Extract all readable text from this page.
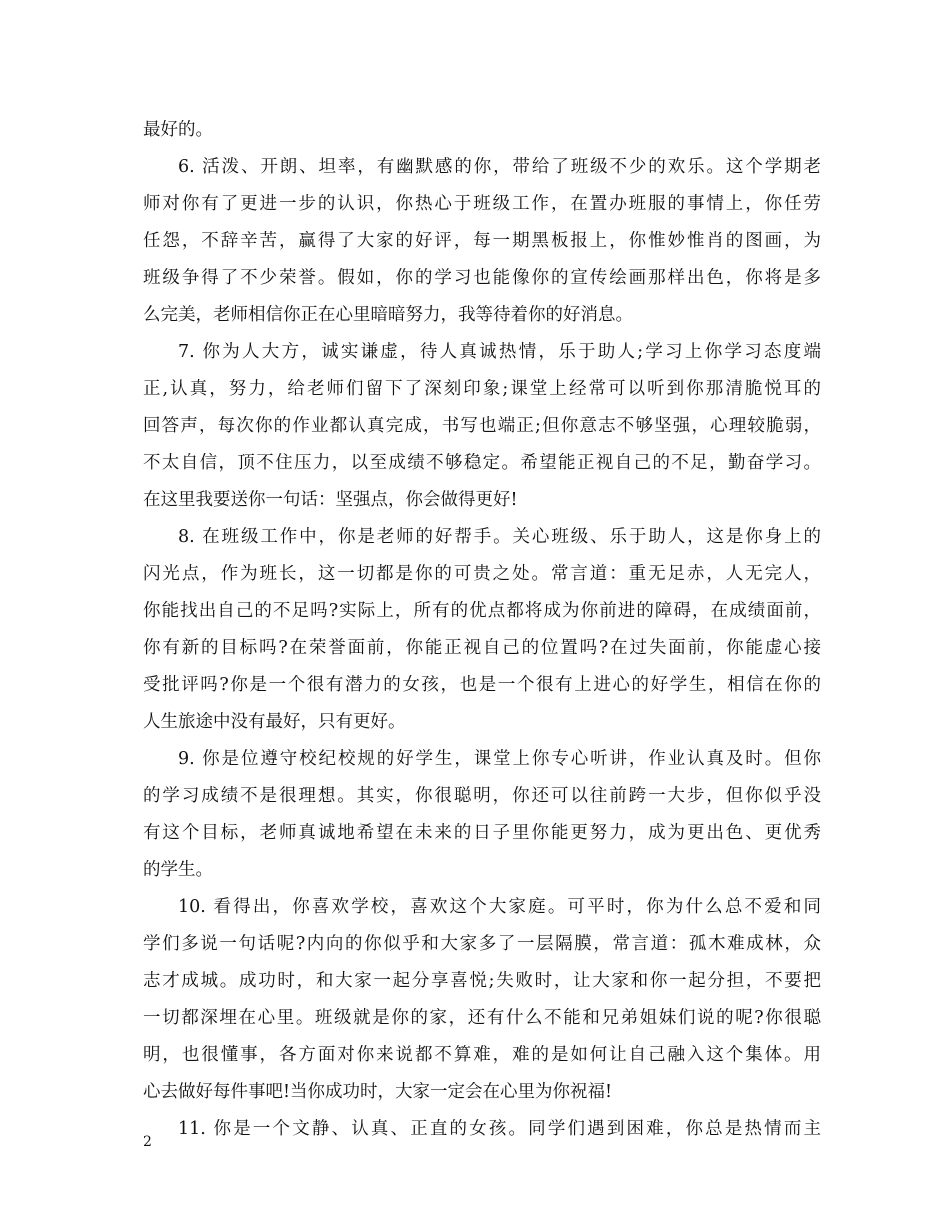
最好的。
6. 活泼、开朗、坦率，有幽默感的你，带给了班级不少的欢乐。这个学期老
师对你有了更进一步的认识，你热心于班级工作，在置办班服的事情上，你任劳
任怨，不辞辛苦，赢得了大家的好评，每一期黑板报上，你惟妙惟肖的图画，为
班级争得了不少荣誉。假如，你的学习也能像你的宣传绘画那样出色，你将是多
么完美，老师相信你正在心里暗暗努力，我等待着你的好消息。
7. 你为人大方，诚实谦虚，待人真诚热情，乐于助人;学习上你学习态度端
正,认真，努力，给老师们留下了深刻印象;课堂上经常可以听到你那清脆悦耳的
回答声，每次你的作业都认真完成，书写也端正;但你意志不够坚强，心理较脆弱，
不太自信，顶不住压力，以至成绩不够稳定。希望能正视自己的不足，勤奋学习。
在这里我要送你一句话：坚强点，你会做得更好!
8. 在班级工作中，你是老师的好帮手。关心班级、乐于助人，这是你身上的
闪光点，作为班长，这一切都是你的可贵之处。常言道：重无足赤，人无完人，
你能找出自己的不足吗?实际上，所有的优点都将成为你前进的障碍，在成绩面前，
你有新的目标吗?在荣誉面前，你能正视自己的位置吗?在过失面前，你能虚心接
受批评吗?你是一个很有潜力的女孩，也是一个很有上进心的好学生，相信在你的
人生旅途中没有最好，只有更好。
9. 你是位遵守校纪校规的好学生，课堂上你专心听讲，作业认真及时。但你
的学习成绩不是很理想。其实，你很聪明，你还可以往前跨一大步，但你似乎没
有这个目标，老师真诚地希望在未来的日子里你能更努力，成为更出色、更优秀
的学生。
10. 看得出，你喜欢学校，喜欢这个大家庭。可平时，你为什么总不爱和同
学们多说一句话呢?内向的你似乎和大家多了一层隔膜，常言道：孤木难成林，众
志才成城。成功时，和大家一起分享喜悦;失败时，让大家和你一起分担，不要把
一切都深埋在心里。班级就是你的家，还有什么不能和兄弟姐妹们说的呢?你很聪
明，也很懂事，各方面对你来说都不算难，难的是如何让自己融入这个集体。用
心去做好每件事吧!当你成功时，大家一定会在心里为你祝福!
11. 你是一个文静、认真、正直的女孩。同学们遇到困难，你总是热情而主
2
